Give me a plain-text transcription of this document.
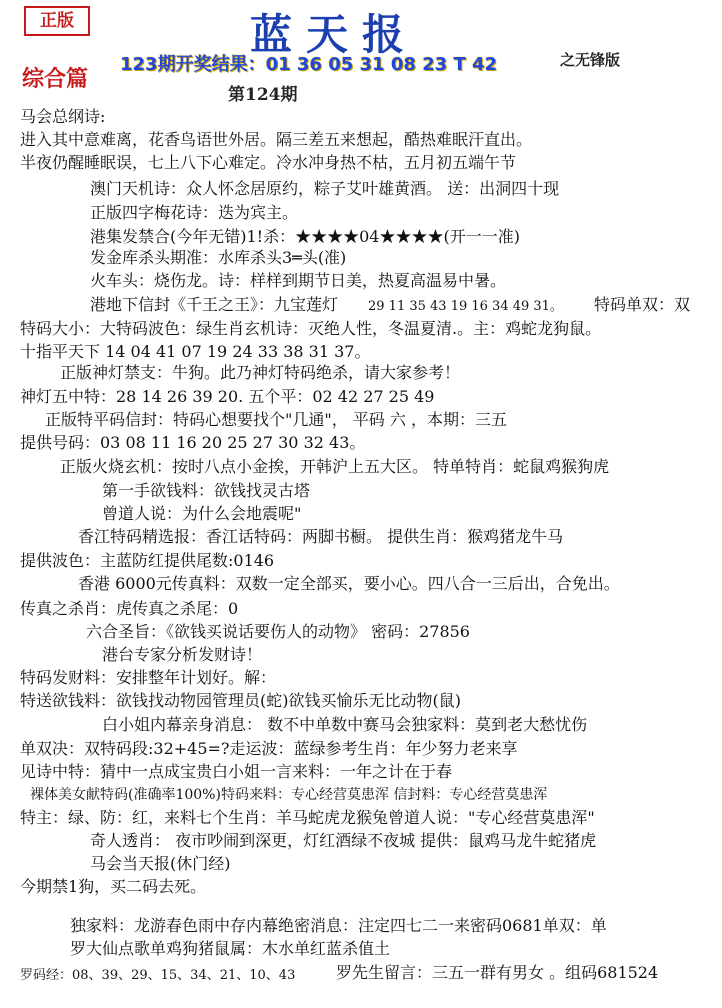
正版	蓝天报
123期开奖结果：01 36 05 31 08 23 T 42	之无锋版
综合篇
第124期
马会总纲诗:
进入其中意难离，花香鸟语世外居。隔三差五来想起，酷热难眠汗直出。
半夜仍醒睡眠误，七上八下心难定。冷水冲身热不枯，五月初五端午节
澳门天机诗：众人怀念居原约，粽子艾叶雄黄酒。 送：出洞四十现
正版四字梅花诗：迭为宾主。
港集发禁合(今年无错)1!杀：★★★★04★★★★(开一一准)
发金库杀头期准：水库杀头3═头(准)
火车头：烧伤龙。诗：样样到期节日美，热夏高温易中暑。
港地下信封《千王之王》：九宝莲灯 29 11 35 43 19 16 34 49 31。 特码单双：双
特码大小：大特码波色：绿生肖玄机诗：灭绝人性，冬温夏清.。主：鸡蛇龙狗鼠。
十指平天下 14 04 41 07 19 24 33 38 31 37。
正版神灯禁支：牛狗。此乃神灯特码绝杀，请大家参考！
神灯五中特：28 14 26 39 20. 五个平：02 42 27 25 49
正版特平码信封：特码心想要找个"几通"， 平码 六 ，本期：三五
提供号码：03 08 11 16 20 25 27 30 32 43。
正版火烧玄机：按时八点小金挨，开韩沪上五大区。 特单特肖：蛇鼠鸡猴狗虎
第一手欲钱料：欲钱找灵古塔
曾道人说：为什么会地震呢"
香江特码精选报：香江话特码：两脚书橱。 提供生肖：猴鸡猪龙牛马
提供波色：主蓝防红提供尾数:0146
香港 6000元传真料：双数一定全部买，要小心。四八合一三后出，合免出。
传真之杀肖：虎传真之杀尾：0
六合圣旨：《欲钱买说话要伤人的动物》 密码：27856
港台专家分析发财诗！
特码发财料：安排整年计划好。解：
特送欲钱料：欲钱找动物园管理员(蛇)欲钱买愉乐无比动物(鼠)
白小姐内幕亲身消息： 数不中单数中赛马会独家料：莫到老大愁忧伤
单双决：双特码段:32+45=?走运波：蓝绿参考生肖：年少努力老来享
见诗中特：猜中一点成宝贵白小姐一言来料：一年之计在于春
裸体美女献特码(准确率100%)特码来料：专心经营莫患浑 信封料：专心经营莫患浑
特主：绿、防：红，来料七个生肖：羊马蛇虎龙猴兔曾道人说："专心经营莫患浑"
奇人透肖： 夜市吵闹到深更，灯红酒绿不夜城 提供：鼠鸡马龙牛蛇猪虎
马会当天报(休门经)
今期禁1狗，买二码去死。
独家料：龙游春色雨中存内幕绝密消息：注定四七二一来密码0681单双：单
罗大仙点歌单鸡狗猪鼠属：木水单红蓝杀值土
罗码经：08、39、29、15、34、21、10、43	罗先生留言：三五一群有男女 。组码681524
